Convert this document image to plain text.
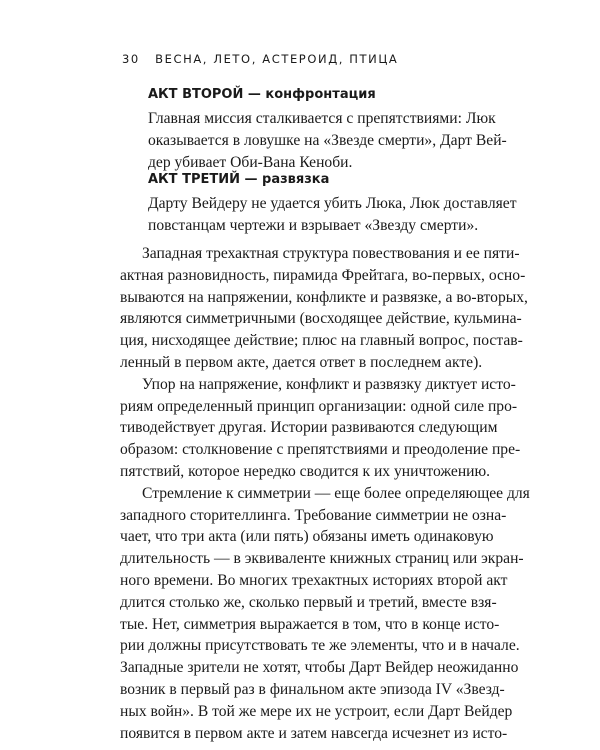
30 ВЕСНА, ЛЕТО, АСТЕРОИД, ПТИЦА
АКТ ВТОРОЙ — конфронтация
Главная миссия сталкивается с препятствиями: Люк
оказывается в ловушке на «Звезде смерти», Дарт Вей-
дер убивает Оби-Вана Кеноби.
АКТ ТРЕТИЙ — развязка
Дарту Вейдеру не удается убить Люка, Люк доставляет
повстанцам чертежи и взрывает «Звезду смерти».
Западная трехактная структура повествования и ее пяти-
актная разновидность, пирамида Фрейтага, во-первых, осно-
вываются на напряжении, конфликте и развязке, а во-вторых,
являются симметричными (восходящее действие, кульмина-
ция, нисходящее действие; плюс на главный вопрос, постав-
ленный в первом акте, дается ответ в последнем акте).
Упор на напряжение, конфликт и развязку диктует исто-
риям определенный принцип организации: одной силе про-
тиводействует другая. Истории развиваются следующим
образом: столкновение с препятствиями и преодоление пре-
пятствий, которое нередко сводится к их уничтожению.
Стремление к симметрии — еще более определяющее для
западного сторителлинга. Требование симметрии не озна-
чает, что три акта (или пять) обязаны иметь одинаковую
длительность — в эквиваленте книжных страниц или экран-
ного времени. Во многих трехактных историях второй акт
длится столько же, сколько первый и третий, вместе взя-
тые. Нет, симметрия выражается в том, что в конце исто-
рии должны присутствовать те же элементы, что и в начале.
Западные зрители не хотят, чтобы Дарт Вейдер неожиданно
возник в первый раз в финальном акте эпизода IV «Звезд-
ных войн». В той же мере их не устроит, если Дарт Вейдер
появится в первом акте и затем навсегда исчезнет из исто-
